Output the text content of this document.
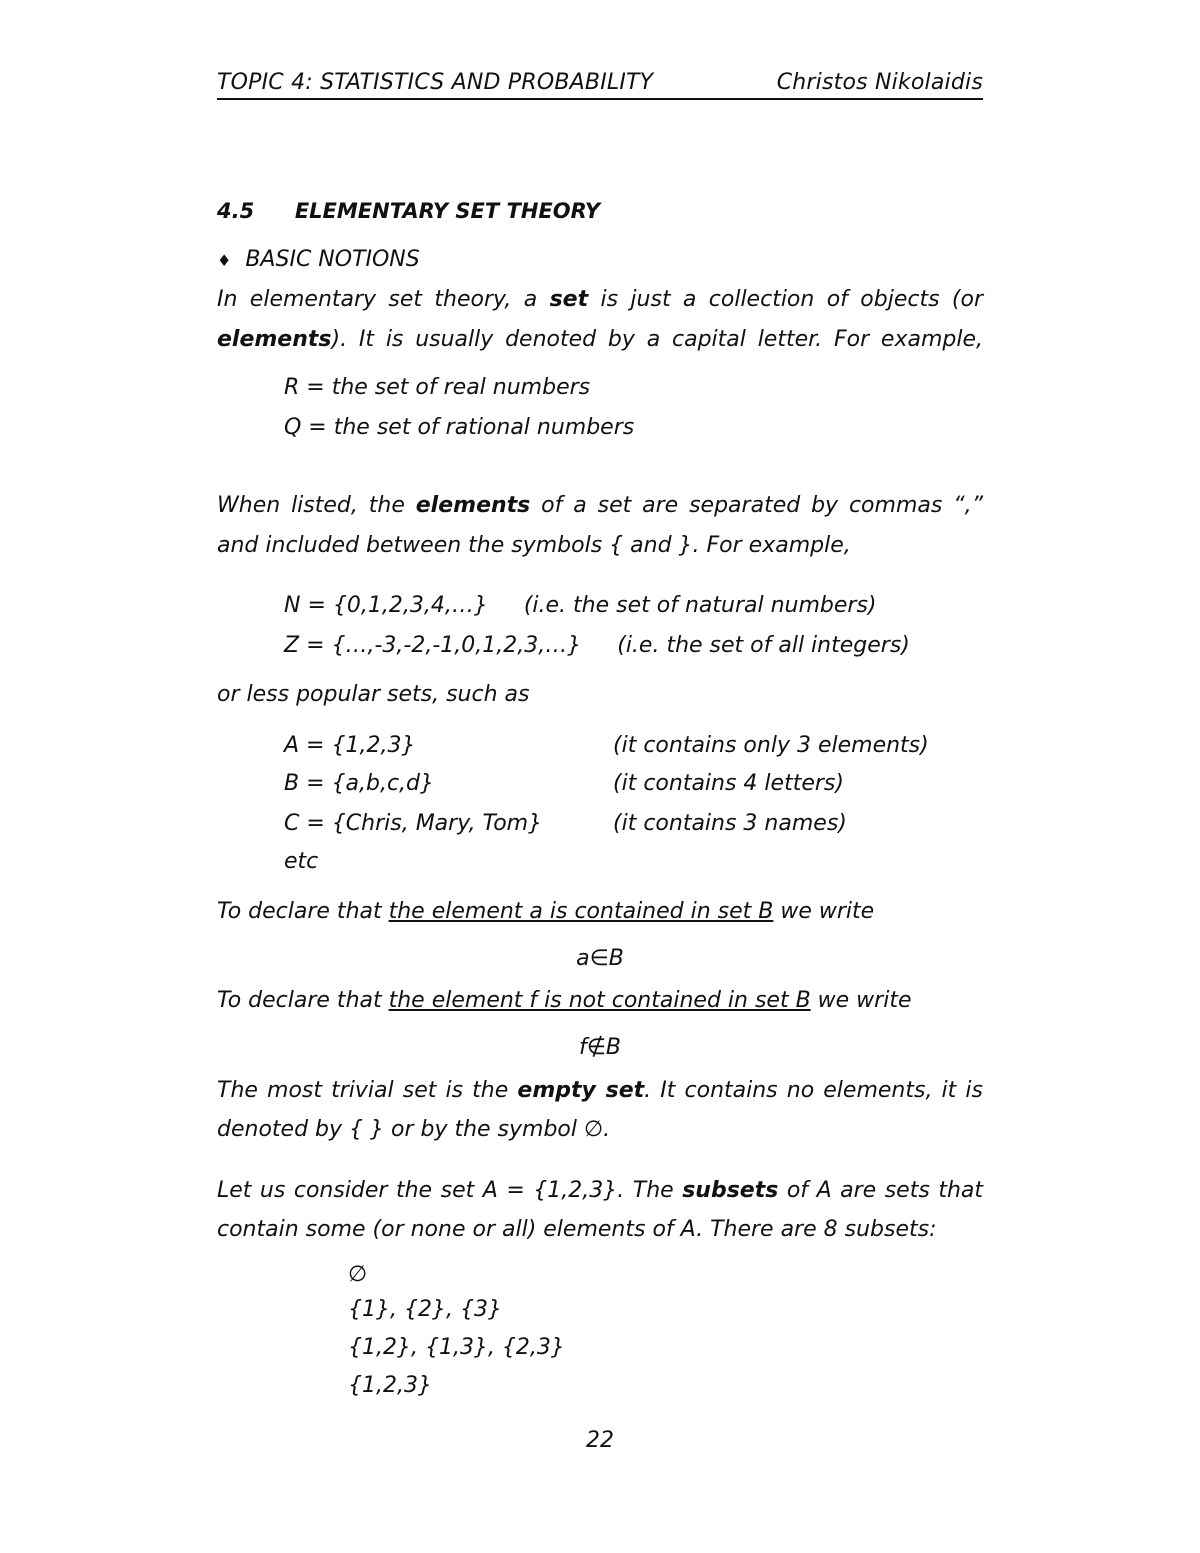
TOPIC 4: STATISTICS AND PROBABILITY	Christos Nikolaidis
4.5 ELEMENTARY SET THEORY
♦ BASIC NOTIONS
In elementary set theory, a set is just a collection of objects (or
elements). It is usually denoted by a capital letter. For example,
R = the set of real numbers
Q = the set of rational numbers
When listed, the elements of a set are separated by commas “,”
and included between the symbols { and }. For example,
N = {0,1,2,3,4,…} (i.e. the set of natural numbers)
Z = {…,-3,-2,-1,0,1,2,3,…} (i.e. the set of all integers)
or less popular sets, such as
A = {1,2,3}	(it contains only 3 elements)
B = {a,b,c,d}	(it contains 4 letters)
C = {Chris, Mary, Tom}	(it contains 3 names)
etc
To declare that the element a is contained in set B we write
a∈B
To declare that the element f is not contained in set B we write
f∉B
The most trivial set is the empty set. It contains no elements, it is
denoted by { } or by the symbol ∅.
Let us consider the set A = {1,2,3}. The subsets of A are sets that
contain some (or none or all) elements of A. There are 8 subsets:
∅
{1}, {2}, {3}
{1,2}, {1,3}, {2,3}
{1,2,3}
22
